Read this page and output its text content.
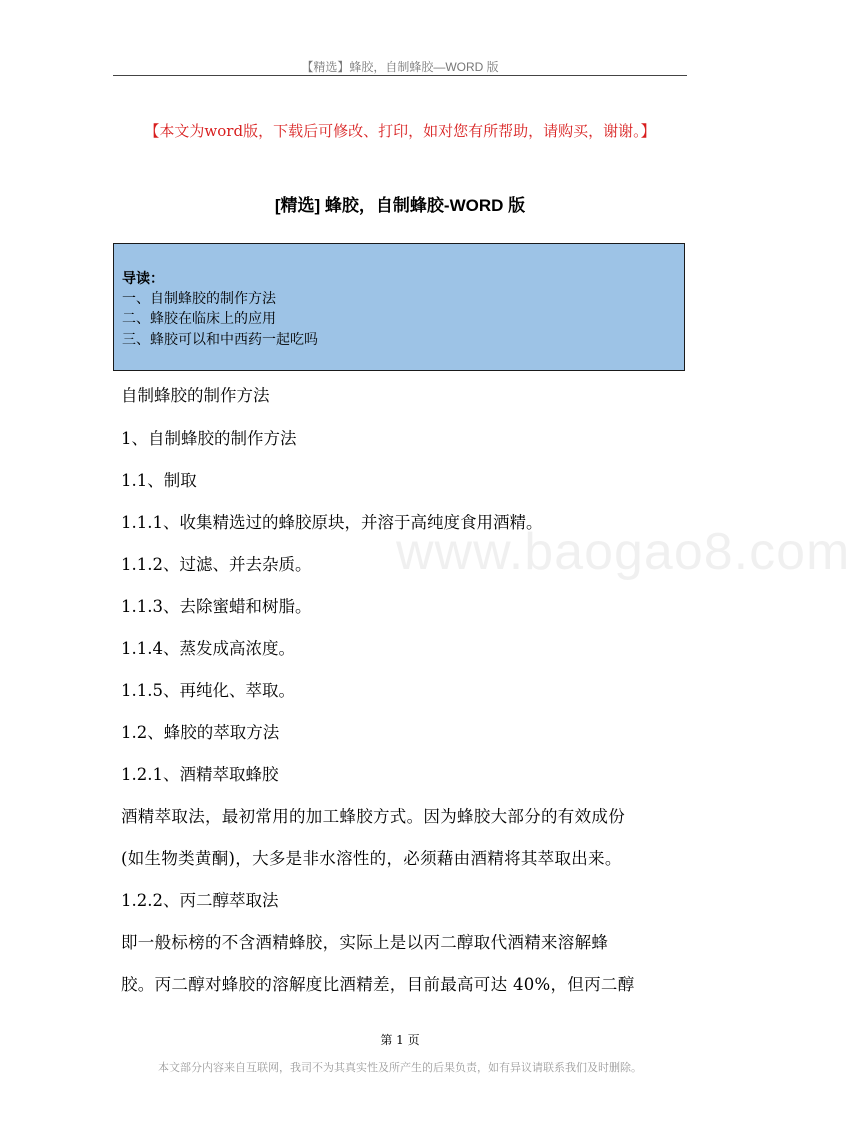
【精选】蜂胶，自制蜂胶—WORD 版
【本文为word版，下载后可修改、打印，如对您有所帮助，请购买，谢谢。】
[精选] 蜂胶，自制蜂胶-WORD 版
导读：
一、自制蜂胶的制作方法
二、蜂胶在临床上的应用
三、蜂胶可以和中西药一起吃吗
自制蜂胶的制作方法
1、自制蜂胶的制作方法
1.1、制取
1.1.1、收集精选过的蜂胶原块，并溶于高纯度食用酒精。
1.1.2、过滤、并去杂质。
1.1.3、去除蜜蜡和树脂。
1.1.4、蒸发成高浓度。
1.1.5、再纯化、萃取。
1.2、蜂胶的萃取方法
1.2.1、酒精萃取蜂胶
酒精萃取法，最初常用的加工蜂胶方式。因为蜂胶大部分的有效成份
(如生物类黄酮)，大多是非水溶性的，必须藉由酒精将其萃取出来。
1.2.2、丙二醇萃取法
即一般标榜的不含酒精蜂胶，实际上是以丙二醇取代酒精来溶解蜂
胶。丙二醇对蜂胶的溶解度比酒精差，目前最高可达 40%，但丙二醇
www.baogao8.com
第 1 页
本文部分内容来自互联网，我司不为其真实性及所产生的后果负责，如有异议请联系我们及时删除。
